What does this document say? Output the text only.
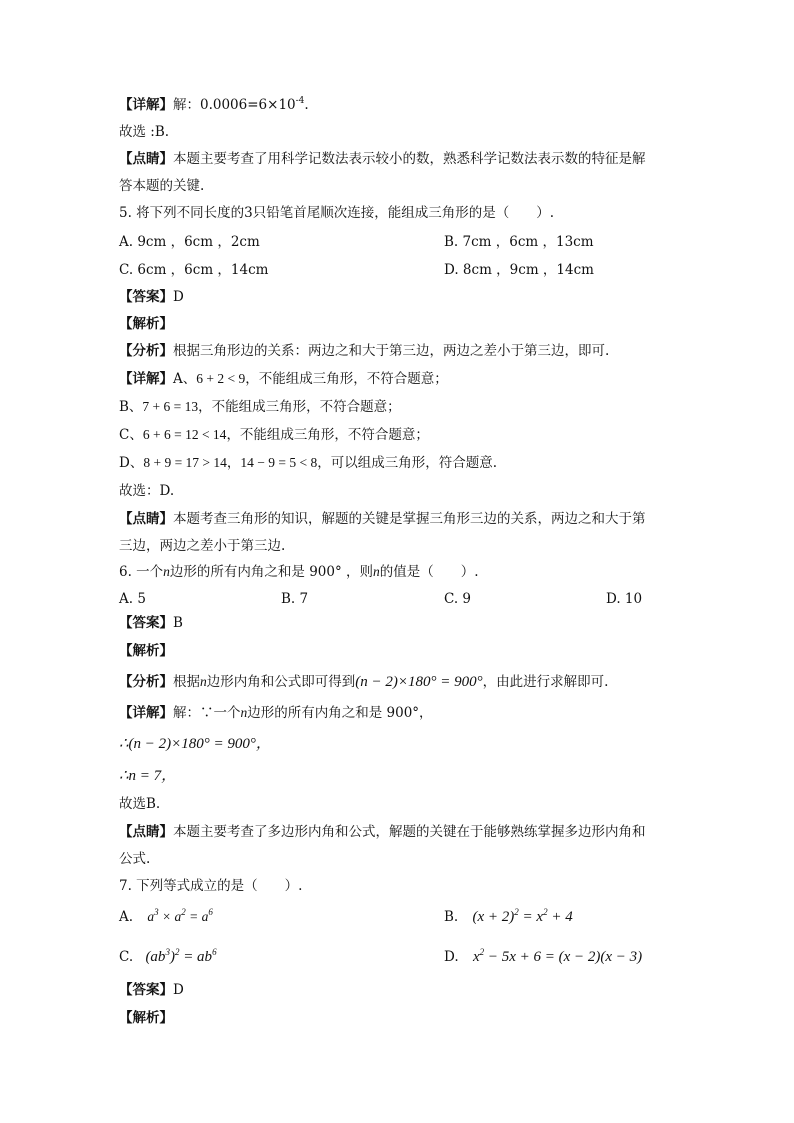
【详解】解：$0.0006=6\times 10^{-4}$.
故选 :B.
【点睛】本题主要考查了用科学记数法表示较小的数，熟悉科学记数法表示数的特征是解
答本题的关键.
5. 将下列不同长度的3只铅笔首尾顺次连接，能组成三角形的是（　　）.
A. 9cm ，6cm ，2cm	B. 7cm ，6cm ，13cm
C. 6cm ，6cm ，14cm	D. 8cm ，9cm ，14cm
【答案】D
【解析】
【分析】根据三角形边的关系：两边之和大于第三边，两边之差小于第三边，即可.
【详解】A、6 + 2 < 9，不能组成三角形，不符合题意；
B、7 + 6 = 13，不能组成三角形，不符合题意；
C、6 + 6 = 12 < 14，不能组成三角形，不符合题意；
D、8 + 9 = 17 > 14，14 − 9 = 5 < 8，可以组成三角形，符合题意.
故选：D.
【点睛】本题考查三角形的知识，解题的关键是掌握三角形三边的关系，两边之和大于第
三边，两边之差小于第三边.
6. 一个n边形的所有内角之和是 900° ，则n的值是（　　）.
A. 5	B. 7	C. 9	D. 10
【答案】B
【解析】
【分析】根据n边形内角和公式即可得到(n − 2)×180° = 900°，由此进行求解即可.
【详解】解：∵一个n边形的所有内角之和是 900°，
∴(n − 2)×180° = 900°，
∴n = 7，
故选B.
【点睛】本题主要考查了多边形内角和公式，解题的关键在于能够熟练掌握多边形内角和
公式.
7. 下列等式成立的是（　　）.
A. $a^3 \times a^2 = a^6$	B. $(x + 2)^2 = x^2 + 4$
C. $(ab^3)^2 = ab^6$	D. $x^2 - 5x + 6 = (x - 2)(x - 3)$
【答案】D
【解析】
